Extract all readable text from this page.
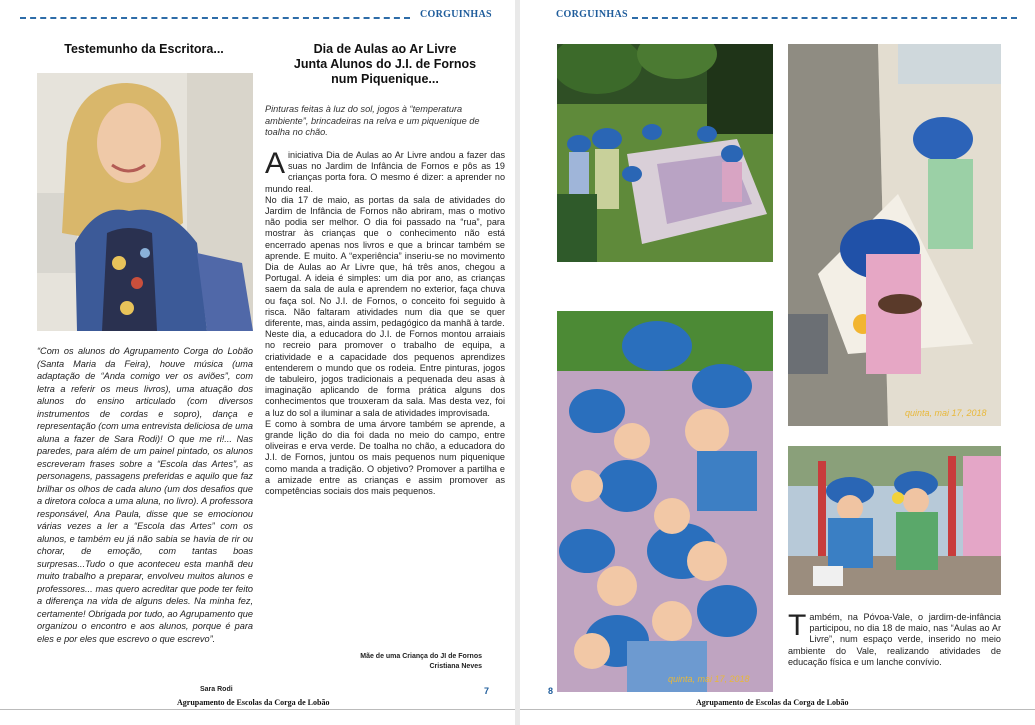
CORGUINHAS
Testemunho da Escritora...

“Com os alunos do Agrupamento Corga do Lobão (Santa Maria da Feira), houve música (uma adaptação de “Anda comigo ver os aviões”, com letra a referir os meus livros), uma atuação dos alunos do ensino articulado (com diversos instrumentos de cordas e sopro), dança e representação (com uma entrevista deliciosa de uma aluna a fazer de Sara Rodi)! O que me ri!... Nas paredes, para além de um painel pintado, os alunos escreveram frases sobre a “Escola das Artes”, as personagens, passagens preferidas e aquilo que faz brilhar os olhos de cada aluno (um dos desafios que a diretora coloca a uma aluna, no livro). A professora responsável, Ana Paula, disse que se emocionou várias vezes a ler a “Escola das Artes” com os alunos, e também eu já não sabia se havia de rir ou chorar, de emoção, com tantas boas surpresas...Tudo o que aconteceu esta manhã deu muito trabalho a preparar, envolveu muitos alunos e professores... mas quero acreditar que pode ter feito a diferença na vida de alguns deles. Na minha fez, certamente! Obrigada por tudo, ao Agrupamento que organizou o encontro e aos alunos, porque é para eles e por eles que escrevo o que escrevo”.

Sara Rodi
Dia de Aulas ao Ar Livre
Junta Alunos do J.I. de Fornos
num Piquenique...

Pinturas feitas à luz do sol, jogos à “temperatura ambiente”, brincadeiras na relva e um piquenique de toalha no chão.

A iniciativa Dia de Aulas ao Ar Livre andou a fazer das suas no Jardim de Infância de Fornos e pôs as 19 crianças porta fora. O mesmo é dizer: a aprender no mundo real.

No dia 17 de maio, as portas da sala de atividades do Jardim de Infância de Fornos não abriram, mas o motivo não podia ser melhor. O dia foi passado na “rua”, para mostrar às crianças que o conhecimento não está encerrado apenas nos livros e que a brincar também se aprende. E muito. A “experiência” inseriu-se no movimento Dia de Aulas ao Ar Livre que, há três anos, chegou a Portugal. A ideia é simples: um dia por ano, as crianças saem da sala de aula e aprendem no exterior, faça chuva ou faça sol. No J.I. de Fornos, o conceito foi seguido à risca. Não faltaram atividades num dia que se quer diferente, mas, ainda assim, pedagógico da manhã à tarde.

Neste dia, a educadora do J.I. de Fornos montou arraiais no recreio para promover o trabalho de equipa, a criatividade e a capacidade dos pequenos aprendizes entenderem o mundo que os rodeia. Entre pinturas, jogos de tabuleiro, jogos tradicionais a pequenada deu asas à imaginação aplicando de forma prática alguns dos conhecimentos que trouxeram da sala. Mas desta vez, foi a luz do sol a iluminar a sala de atividades improvisada.

E como à sombra de uma árvore também se aprende, a grande lição do dia foi dada no meio do campo, entre oliveiras e erva verde. De toalha no chão, a educadora do J.I. de Fornos, juntou os mais pequenos num piquenique como manda a tradição. O objetivo? Promover a partilha e a amizade entre as crianças e assim promover as competências sociais dos mais pequenos.

Mãe de uma Criança do JI de Fornos
Cristiana Neves
7
Agrupamento de Escolas da Corga de Lobão
CORGUINHAS
8
Agrupamento de Escolas da Corga de Lobão
quinta, mai 17, 2018
quinta, mai 17, 2018
Também, na Póvoa-Vale, o jardim-de-infância participou, no dia 18 de maio, nas “Aulas ao Ar Livre”, num espaço verde, inserido no meio ambiente do Vale, realizando atividades de educação física e um lanche convívio.
